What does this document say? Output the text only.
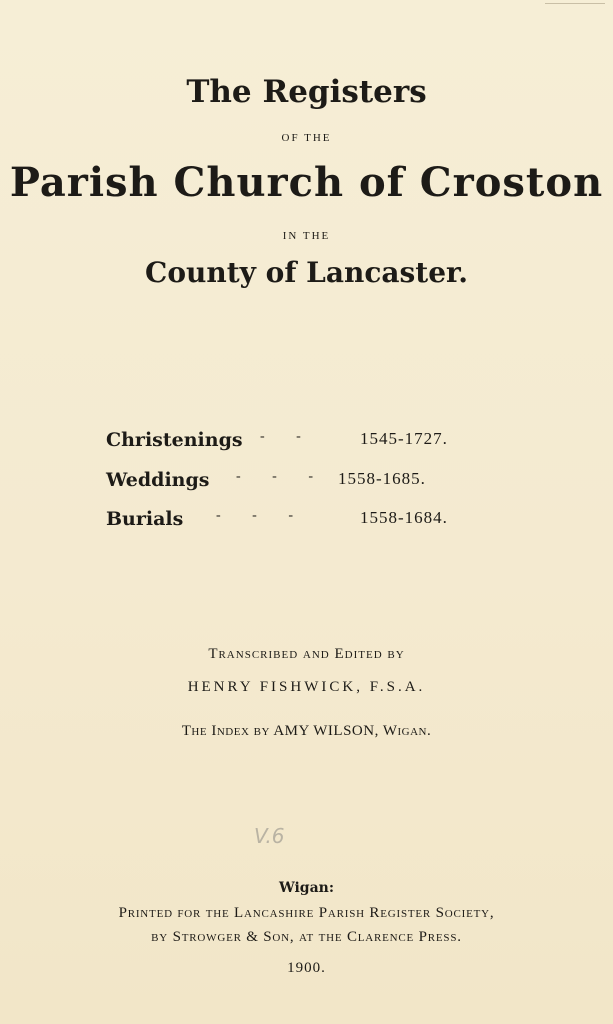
The Registers
OF THE
Parish Church of Croston
IN THE
County of Lancaster.
Christenings - -	1545-1727.
Weddings - - - 1558-1685.
Burials - - -	1558-1684.
Transcribed and Edited by
HENRY FISHWICK, F.S.A.
The Index by AMY WILSON, Wigan.
V.6
Wigan:
Printed for the Lancashire Parish Register Society,
by Strowger & Son, at the Clarence Press.
1900.
